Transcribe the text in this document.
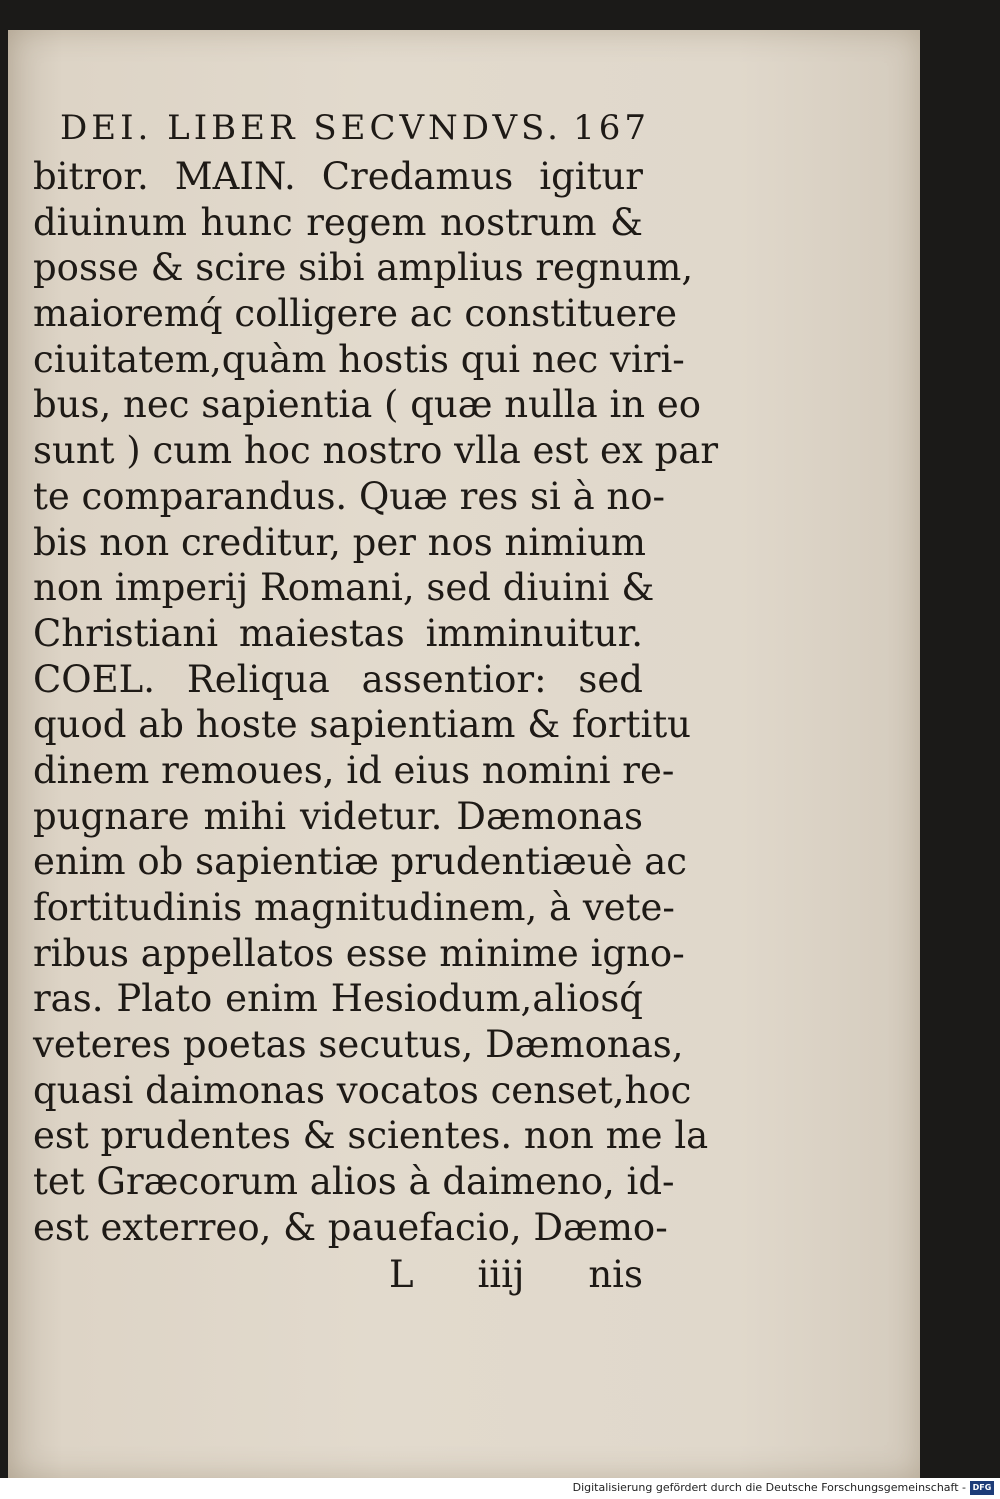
DEI. LIBER SECVNDVS. 167
bitror. MAIN. Credamus igitur
diuinum hunc regem nostrum &
posse & scire sibi amplius regnum,
maioremq́ colligere ac constituere
ciuitatem,quàm hostis qui nec viri-
bus, nec sapientia ( quæ nulla in eo
sunt ) cum hoc nostro vlla est ex par
te comparandus. Quæ res si à no-
bis non creditur, per nos nimium
non imperij Romani, sed diuini &
Christiani maiestas imminuitur.
COEL. Reliqua assentior: sed
quod ab hoste sapientiam & fortitu
dinem remoues, id eius nomini re-
pugnare mihi videtur. Dæmonas
enim ob sapientiæ prudentiæuè ac
fortitudinis magnitudinem, à vete-
ribus appellatos esse minime igno-
ras. Plato enim Hesiodum,aliosq́
veteres poetas secutus, Dæmonas,
quasi daimonas vocatos censet,hoc
est prudentes & scientes. non me la
tet Græcorum alios à daimeno, id-
est exterreo, & pauefacio, Dæmo-
L iiij nis
Digitalisierung gefördert durch die Deutsche Forschungsgemeinschaft - DFG
